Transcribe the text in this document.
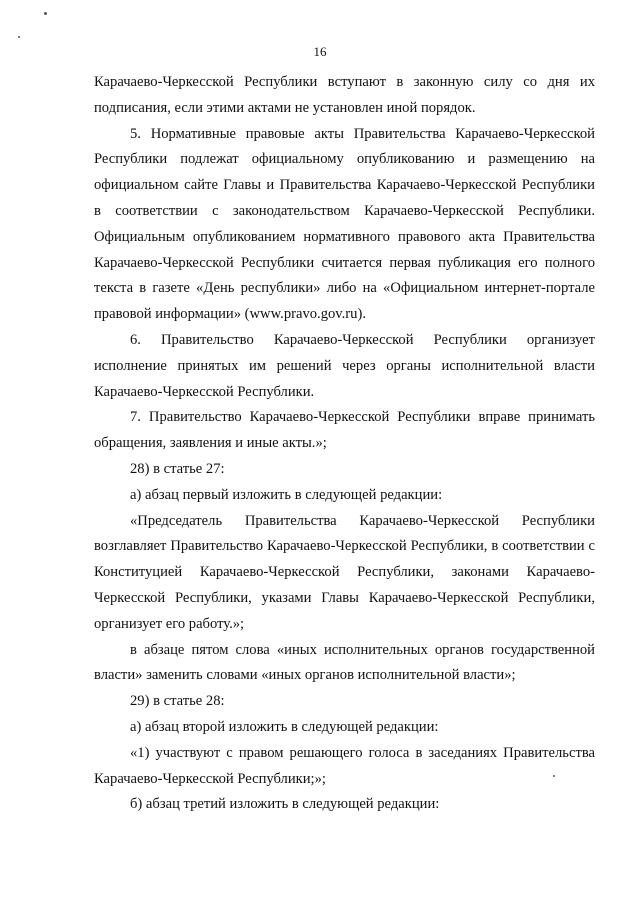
16

Карачаево-Черкесской Республики вступают в законную силу со дня их подписания, если этими актами не установлен иной порядок.

5. Нормативные правовые акты Правительства Карачаево-Черкесской Республики подлежат официальному опубликованию и размещению на официальном сайте Главы и Правительства Карачаево-Черкесской Республики в соответствии с законодательством Карачаево-Черкесской Республики. Официальным опубликованием нормативного правового акта Правительства Карачаево-Черкесской Республики считается первая публикация его полного текста в газете «День республики» либо на «Официальном интернет-портале правовой информации» (www.pravo.gov.ru).

6. Правительство Карачаево-Черкесской Республики организует исполнение принятых им решений через органы исполнительной власти Карачаево-Черкесской Республики.

7. Правительство Карачаево-Черкесской Республики вправе принимать обращения, заявления и иные акты.»;

28) в статье 27:

а) абзац первый изложить в следующей редакции:

«Председатель Правительства Карачаево-Черкесской Республики возглавляет Правительство Карачаево-Черкесской Республики, в соответствии с Конституцией Карачаево-Черкесской Республики, законами Карачаево-Черкесской Республики, указами Главы Карачаево-Черкесской Республики, организует его работу.»;

в абзаце пятом слова «иных исполнительных органов государственной власти» заменить словами «иных органов исполнительной власти»;

29) в статье 28:

а) абзац второй изложить в следующей редакции:

«1) участвуют с правом решающего голоса в заседаниях Правительства Карачаево-Черкесской Республики;»;

б) абзац третий изложить в следующей редакции:
